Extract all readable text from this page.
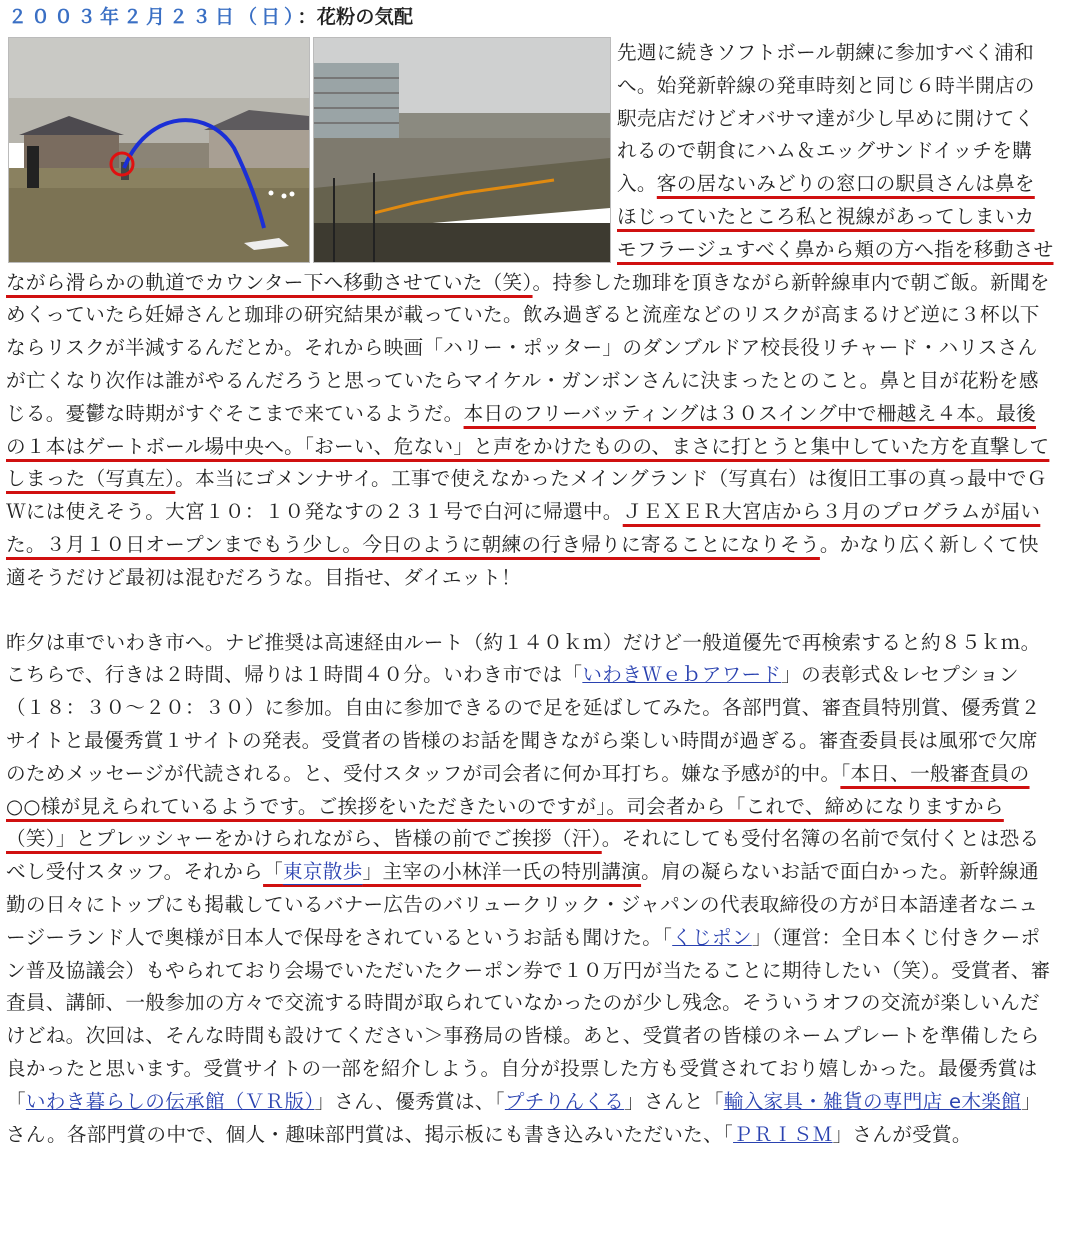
２００３年２月２３日（日）：花粉の気配

先週に続きソフトボール朝練に参加すべく浦和へ。始発新幹線の発車時刻と同じ６時半開店の駅売店だけどオバサマ達が少し早めに開けてくれるので朝食にハム＆エッグサンドイッチを購入。客の居ないみどりの窓口の駅員さんは鼻をほじっていたところ私と視線があってしまいカモフラージュすべく鼻から頬の方へ指を移動させながら滑らかの軌道でカウンター下へ移動させていた（笑）。持参した珈琲を頂きながら新幹線車内で朝ご飯。新聞をめくっていたら妊婦さんと珈琲の研究結果が載っていた。飲み過ぎると流産などのリスクが高まるけど逆に３杯以下ならリスクが半減するんだとか。それから映画「ハリー・ポッター」のダンブルドア校長役リチャード・ハリスさんが亡くなり次作は誰がやるんだろうと思っていたらマイケル・ガンボンさんに決まったとのこと。鼻と目が花粉を感じる。憂鬱な時期がすぐそこまで来ているようだ。本日のフリーバッティングは３０スイング中で柵越え４本。最後の１本はゲートボール場中央へ。「おーい、危ない」と声をかけたものの、まさに打とうと集中していた方を直撃してしまった（写真左）。本当にゴメンナサイ。工事で使えなかったメイングランド（写真右）は復旧工事の真っ最中でＧＷには使えそう。大宮１０：１０発なすの２３１号で白河に帰還中。ＪＥＸＥＲ大宮店から３月のプログラムが届いた。３月１０日オープンまでもう少し。今日のように朝練の行き帰りに寄ることになりそう。かなり広く新しくて快適そうだけど最初は混むだろうな。目指せ、ダイエット！

昨夕は車でいわき市へ。ナビ推奨は高速経由ルート（約１４０ｋｍ）だけど一般道優先で再検索すると約８５ｋｍ。こちらで、行きは２時間、帰りは１時間４０分。いわき市では「いわきＷｅｂアワード」の表彰式＆レセプション（１８：３０～２０：３０）に参加。自由に参加できるので足を延ばしてみた。各部門賞、審査員特別賞、優秀賞２サイトと最優秀賞１サイトの発表。受賞者の皆様のお話を聞きながら楽しい時間が過ぎる。審査委員長は風邪で欠席のためメッセージが代読される。と、受付スタッフが司会者に何か耳打ち。嫌な予感が的中。「本日、一般審査員の○○様が見えられているようです。ご挨拶をいただきたいのですが」。司会者から「これで、締めになりますから（笑）」とプレッシャーをかけられながら、皆様の前でご挨拶（汗）。それにしても受付名簿の名前で気付くとは恐るべし受付スタッフ。それから「東京散歩」主宰の小林洋一氏の特別講演。肩の凝らないお話で面白かった。新幹線通勤の日々にトップにも掲載しているバナー広告のバリュークリック・ジャパンの代表取締役の方が日本語達者なニュージーランド人で奥様が日本人で保母をされているというお話も聞けた。「くじポン」（運営：全日本くじ付きクーポン普及協議会）もやられており会場でいただいたクーポン券で１０万円が当たることに期待したい（笑）。受賞者、審査員、講師、一般参加の方々で交流する時間が取られていなかったのが少し残念。そういうオフの交流が楽しいんだけどね。次回は、そんな時間も設けてください＞事務局の皆様。あと、受賞者の皆様のネームプレートを準備したら良かったと思います。受賞サイトの一部を紹介しよう。自分が投票した方も受賞されており嬉しかった。最優秀賞は「いわき暮らしの伝承館（ＶＲ版）」さん、優秀賞は、「プチりんくる」さんと「輸入家具・雑貨の専門店 e木楽館」さん。各部門賞の中で、個人・趣味部門賞は、掲示板にも書き込みいただいた、「ＰＲＩＳＭ」さんが受賞。
